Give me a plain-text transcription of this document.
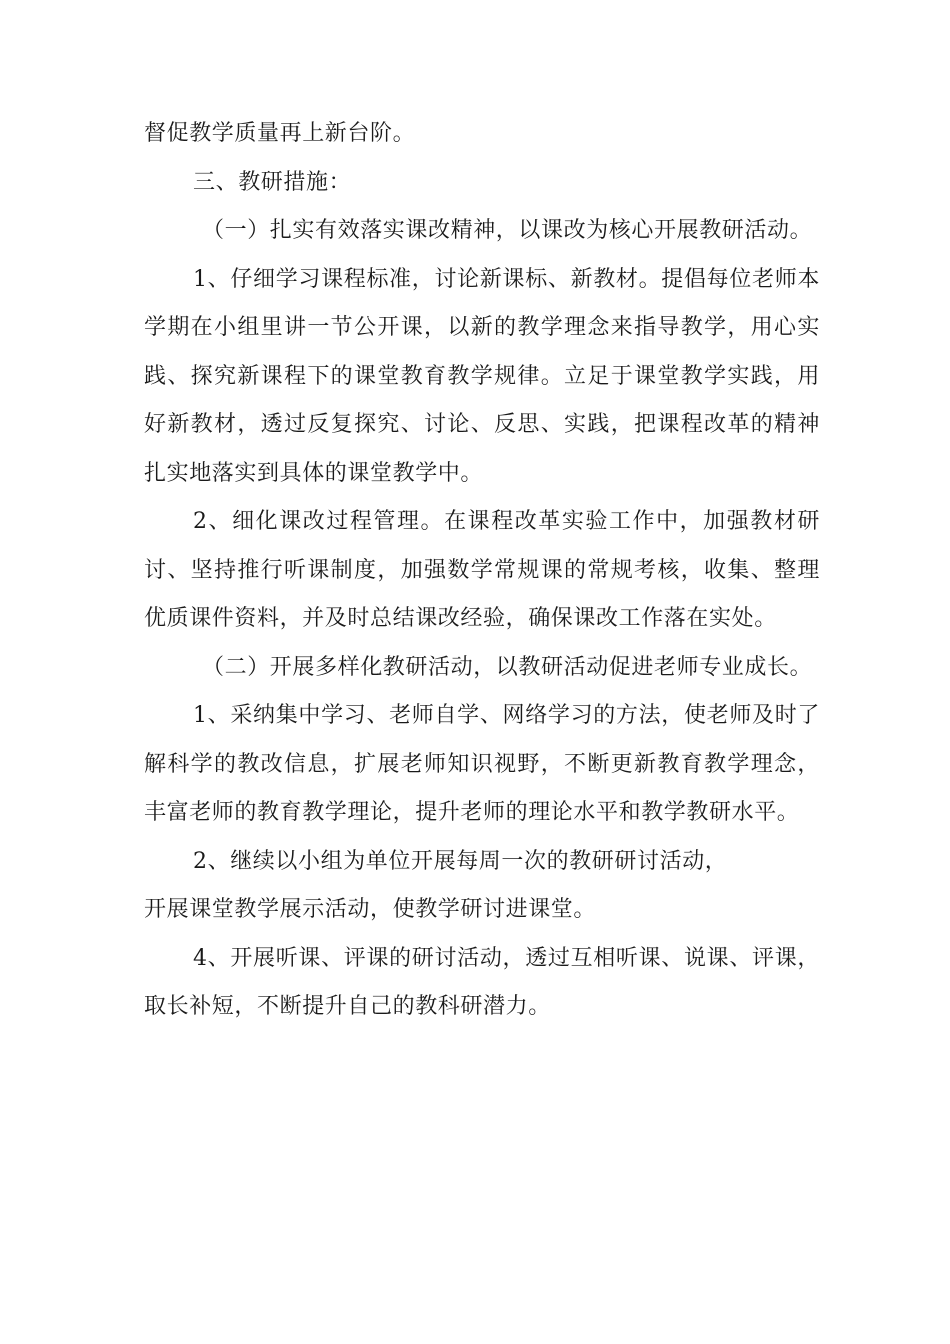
督促教学质量再上新台阶。

三、教研措施：

（一）扎实有效落实课改精神，以课改为核心开展教研活动。

1、仔细学习课程标准，讨论新课标、新教材。提倡每位老师本学期在小组里讲一节公开课，以新的教学理念来指导教学，用心实践、探究新课程下的课堂教育教学规律。立足于课堂教学实践，用好新教材，透过反复探究、讨论、反思、实践，把课程改革的精神扎实地落实到具体的课堂教学中。

2、细化课改过程管理。在课程改革实验工作中，加强教材研讨、坚持推行听课制度，加强数学常规课的常规考核，收集、整理优质课件资料，并及时总结课改经验，确保课改工作落在实处。

（二）开展多样化教研活动，以教研活动促进老师专业成长。

1、采纳集中学习、老师自学、网络学习的方法，使老师及时了解科学的教改信息，扩展老师知识视野，不断更新教育教学理念，丰富老师的教育教学理论，提升老师的理论水平和教学教研水平。

2、继续以小组为单位开展每周一次的教研研讨活动，

开展课堂教学展示活动，使教学研讨进课堂。

4、开展听课、评课的研讨活动，透过互相听课、说课、评课，取长补短，不断提升自己的教科研潜力。
